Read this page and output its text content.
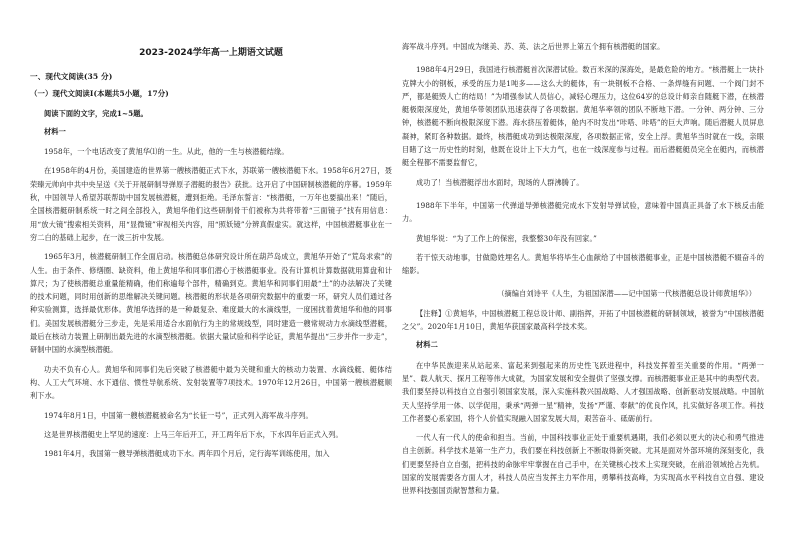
2023-2024学年高一上期语文试题

一、现代文阅读(35 分)

（一）现代文阅读I(本题共5小题，17分)

阅读下面的文字，完成1~5题。

材料一

1958年，一个电话改变了黄旭华⑴的一生。从此，他的一生与核潜艇结缘。

在1958年的4月份，美国建造的世界第一艘核潜艇正式下水，苏联第一艘核潜艇下水。1958年6月27日，聂荣臻元帅向中共中央呈送《关于开展研制导弹原子潜艇的报告》获批。这开启了中国研制核潜艇的序幕。1959年秋，中国领导人希望苏联帮助中国发展核潜艇，遭到拒绝。毛泽东誓言：“核潜艇，一万年也要搞出来！”随后，全国核潜艇研制系统一时之间全部投入，黄旭华他们这些研制骨干们被称为共将带着“三面镜子”找有用信息：用“放大镜”搜索相关资料，用“显微镜”审视相关内容，用“照妖镜”分辨真假虚实。就这样，中国核潜艇事业在一穷二白的基础上起步，在一波三折中发展。

1965年3月，核潜艇研制工作全面启动。核潜艇总体研究设计所在葫芦岛成立，黄旭华开始了“荒岛求索”的人生。由于条件、修缮圈、缺资料，他上黄旭华和同事们潜心于核潜艇事业。没有计算机计算数据就用算盘和计算尺；为了使核潜艇总重量能精确，他们称遍每个部件，精确到克。黄旭华和同事们用最“土”的办法解决了关键的技术问题，同时用创新的思维解决关键问题。核潜艇的形状是各项研究数据中的重要一环，研究人员们通过各种实验测算，选择最优形体。黄旭华选择的是一种最复杂、难度最大的水滴线型，一度困扰着黄旭华和他的同事们。美国发展核潜艇分三步走，先是采用适合水面航行为主的常规线型，同时建造一艘常规动力水滴线型潜艇，最后在核动力装置上研制出最先进的水滴型核潜艇。依据大量试验和科学论证，黄旭华提出“三步并作一步走”，研制中国的水滴型核潜艇。

功夫不负有心人。黄旭华和同事们先后突破了核潜艇中最为关键和重大的核动力装置、水滴线艇、艇体结构、人工大气环境、水下通信、惯性导航系统、发射装置等7项技术。1970年12月26日，中国第一艘核潜艇顺利下水。

1974年8月1日，中国第一艘核潜艇被命名为“长征一号”，正式列入海军战斗序列。

这是世界核潜艇史上罕见的速度：上马三年后开工，开工两年后下水，下水四年后正式入列。

1981年4月，我国第一艘导弹核潜艇成功下水。两年四个月后，定行海军训练使用，加入

海军战斗序列。中国成为继美、苏、英、法之后世界上第五个拥有核潜艇的国家。

1988年4月29日，我国进行核潜艇首次深潜试验。数百米深的深海处，是最危险的地方。“核潜艇上一块扑克牌大小的钢板，承受的压力是1吨多——这么大的艇体，有一块钢板不合格、一条焊缝有问题、一个阀门封不严，都是艇毁人亡的结局！”为增强参试人员信心，减轻心理压力，这位64岁的总设计师亲自随艇下潜，在核潜艇极限深度处，黄旭华带领团队迅速获得了各项数据。黄旭华率领的团队不断地下潜。一分钟、两分钟、三分钟，核潜艇不断向极限深度下潜。海水挤压着艇体，舱内不时发出“咔嗒、咔嗒”的巨大声响。随后潜艇人员屏息凝神，紧盯各种数据。最终，核潜艇成功到达极限深度，各项数据正常，安全上浮。黄旭华当时就在一线，亲眼目睹了这一历史性的时刻，他既在设计上下大力气，也在一线深度参与过程。而后潜艇艇员完全在艇内，而核潜艇全程都不需要监督它，

成功了！当核潜艇浮出水面时，现场的人群沸腾了。

1988年下半年，中国第一代弹道导弹核潜艇完成水下发射导弹试验，意味着中国真正具备了水下核反击能力。

黄旭华说：“为了工作上的保密，我整整30年没有回家。”

若干惊天动地事，甘做隐姓埋名人。黄旭华将毕生心血献给了中国核潜艇事业，正是中国核潜艇不辍奋斗的缩影。

（摘编自刘诗平《人生，为祖国深潜——记中国第一代核潜艇总设计师黄旭华》）

【注释】①黄旭华，中国核潜艇工程总设计师、副指挥，开拓了中国核潜艇的研制领域，被誉为“中国核潜艇之父”。2020年1月10日，黄旭华获国家最高科学技术奖。

材料二

在中华民族迎来从站起来、富起来到强起来的历史性飞跃进程中，科技发挥着至关重要的作用。“两弹一星”、载人航天、探月工程等伟大成就，为国家发展和安全提供了坚强支撑。而核潜艇事业正是其中的典型代表。我们要坚持以科技自立自强引领国家发展，深入实施科教兴国战略、人才强国战略、创新驱动发展战略。中国航天人坚持学用一体、以学促用，秉承“两弹一星”精神，发扬“严谨、奉献”的优良作风，扎实做好各项工作。科技工作者要心系家国，将个人价值实现融入国家发展大局，艰苦奋斗、砥砺前行。

一代人有一代人的使命和担当。当前，中国科技事业正处于重要机遇期，我们必须以更大的决心和勇气推进自主创新。科学技术是第一生产力，我们要在科技创新上不断取得新突破。尤其是面对外部环境的深刻变化，我们更要坚持自立自强，把科技的命脉牢牢掌握在自己手中，在关键核心技术上实现突破，在前沿领域抢占先机。国家的发展需要各方面人才，科技人员应当发挥主力军作用，勇攀科技高峰，为实现高水平科技自立自强、建设世界科技强国贡献智慧和力量。
